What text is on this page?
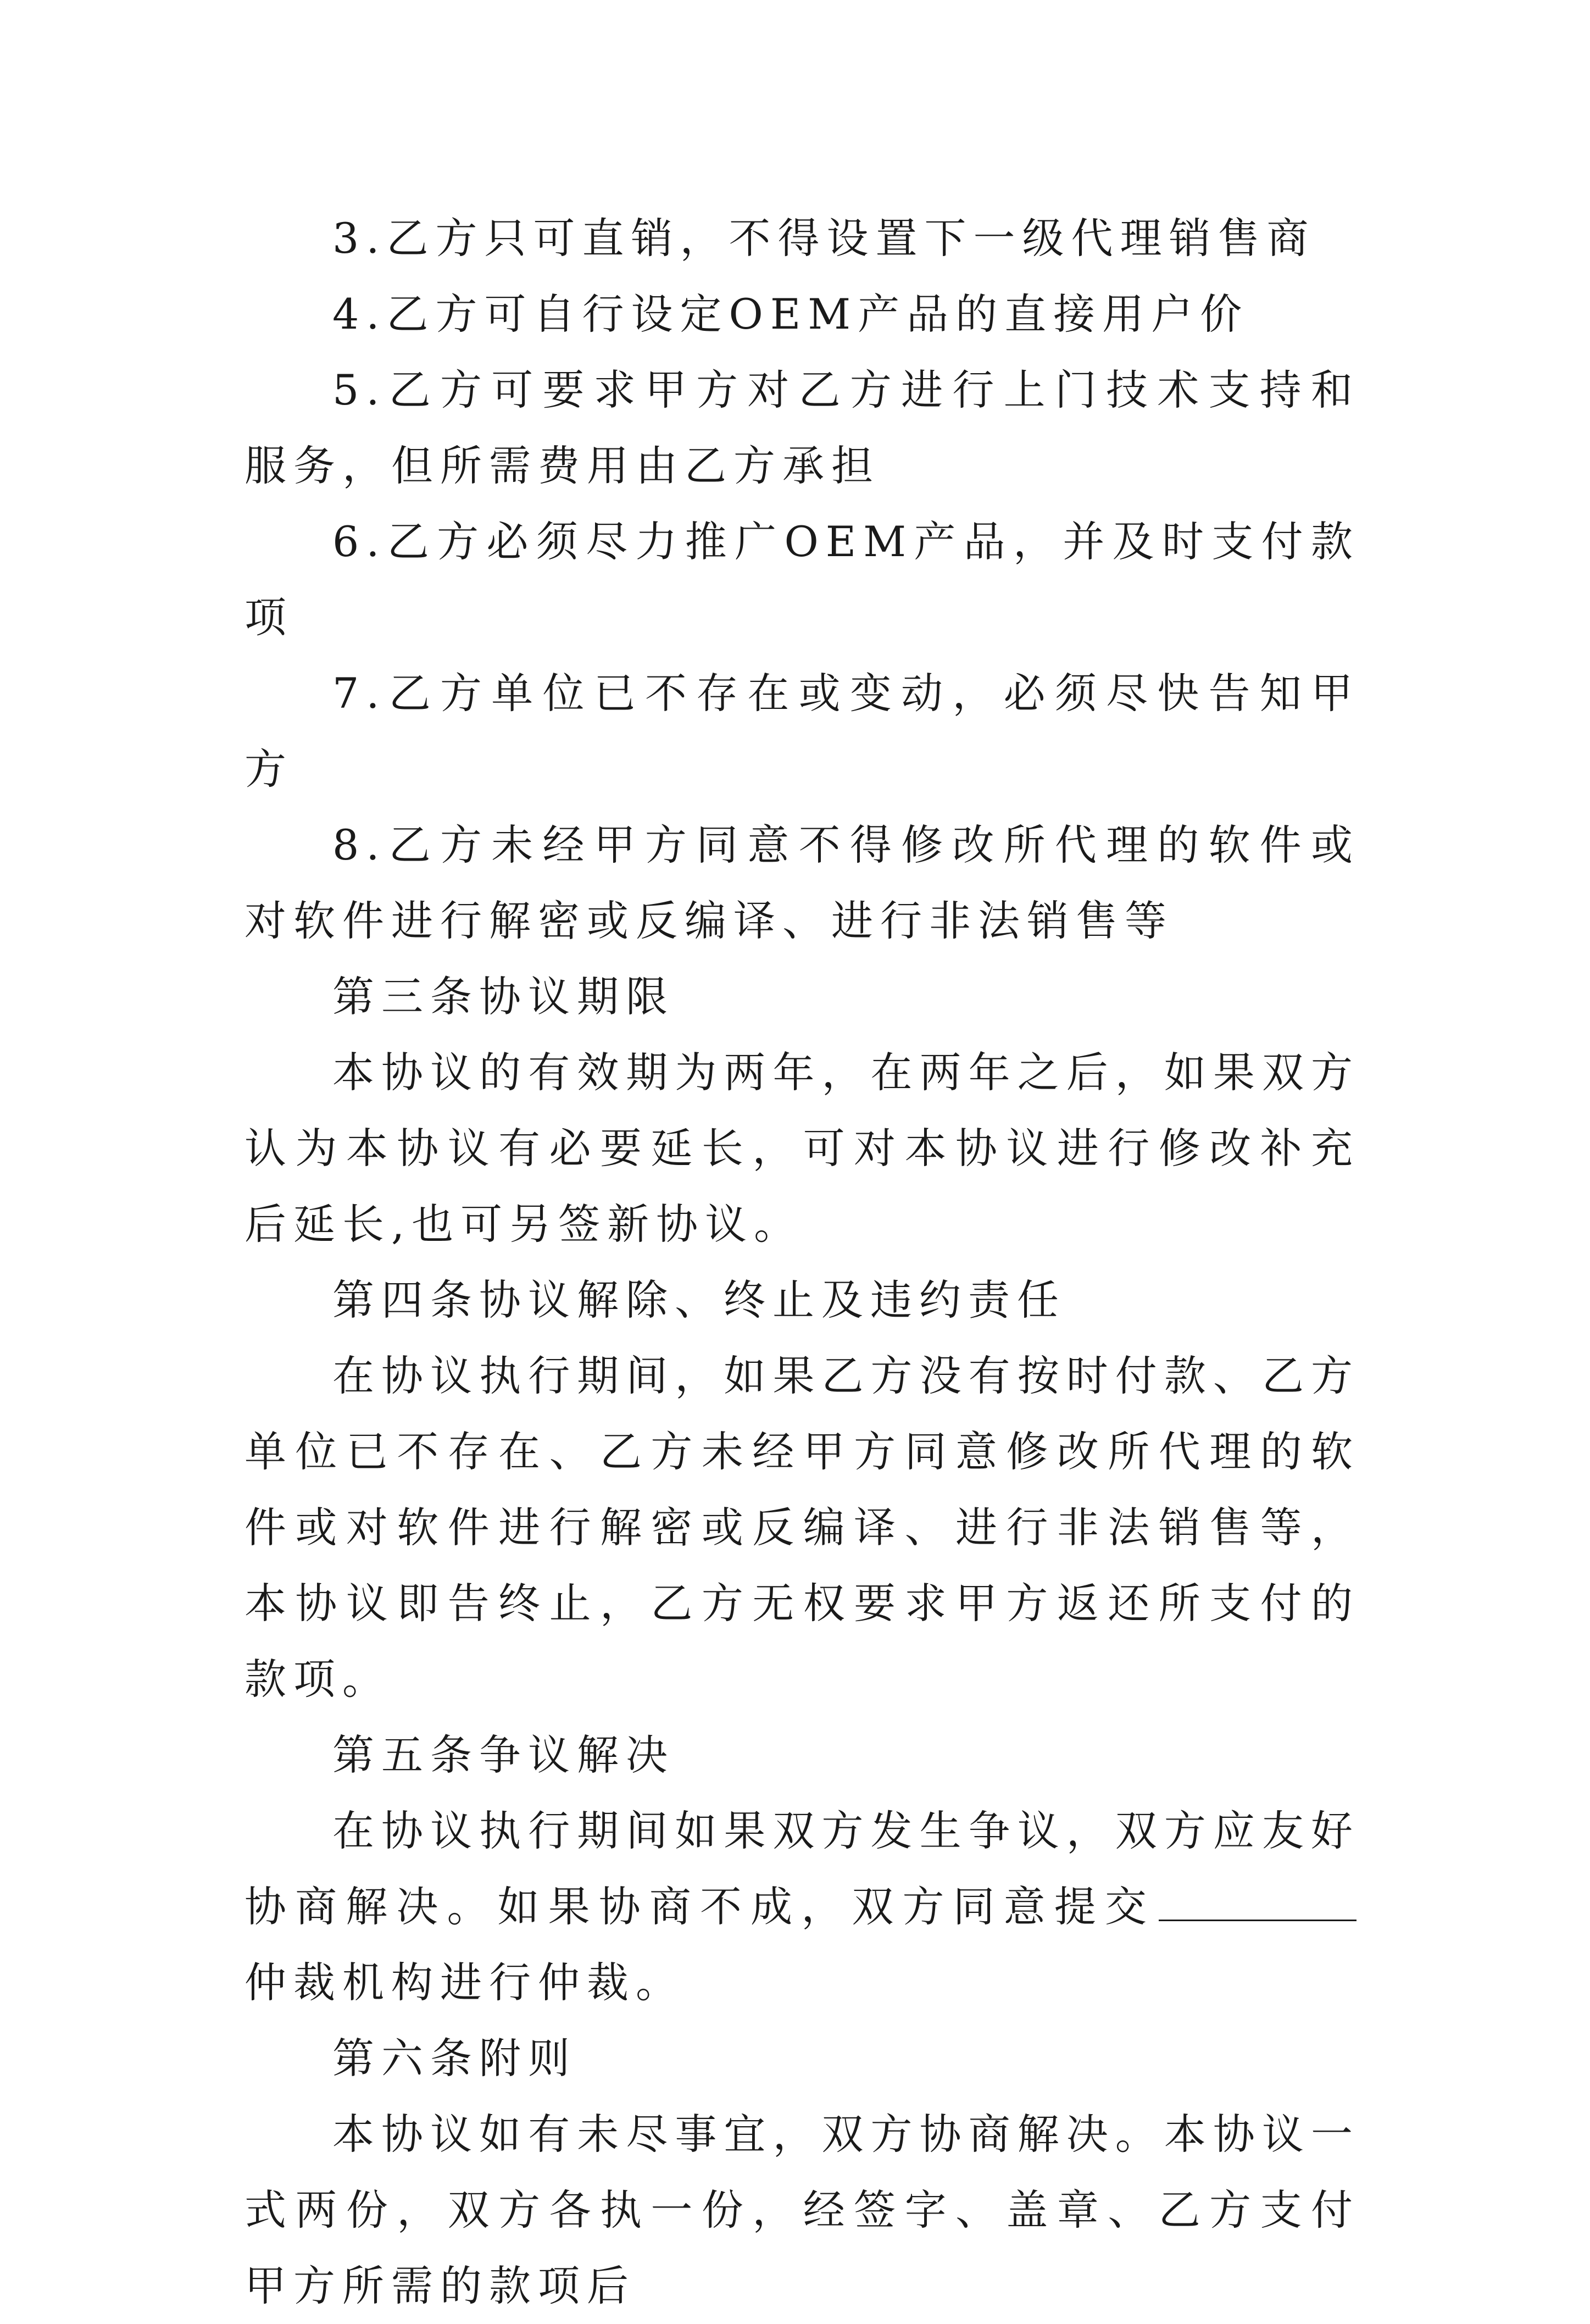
3.乙方只可直销，不得设置下一级代理销售商

4.乙方可自行设定OEM产品的直接用户价

5.乙方可要求甲方对乙方进行上门技术支持和服务，但所需费用由乙方承担

6.乙方必须尽力推广OEM产品，并及时支付款项

7.乙方单位已不存在或变动，必须尽快告知甲方

8.乙方未经甲方同意不得修改所代理的软件或对软件进行解密或反编译、进行非法销售等

第三条协议期限

本协议的有效期为两年，在两年之后，如果双方认为本协议有必要延长，可对本协议进行修改补充后延长,也可另签新协议。

第四条协议解除、终止及违约责任

在协议执行期间，如果乙方没有按时付款、乙方单位已不存在、乙方未经甲方同意修改所代理的软件或对软件进行解密或反编译、进行非法销售等，本协议即告终止，乙方无权要求甲方返还所支付的款项。

第五条争议解决

在协议执行期间如果双方发生争议，双方应友好协商解决。如果协商不成，双方同意提交仲裁机构进行仲裁。

第六条附则

本协议如有未尽事宜，双方协商解决。本协议一式两份，双方各执一份，经签字、盖章、乙方支付甲方所需的款项后
